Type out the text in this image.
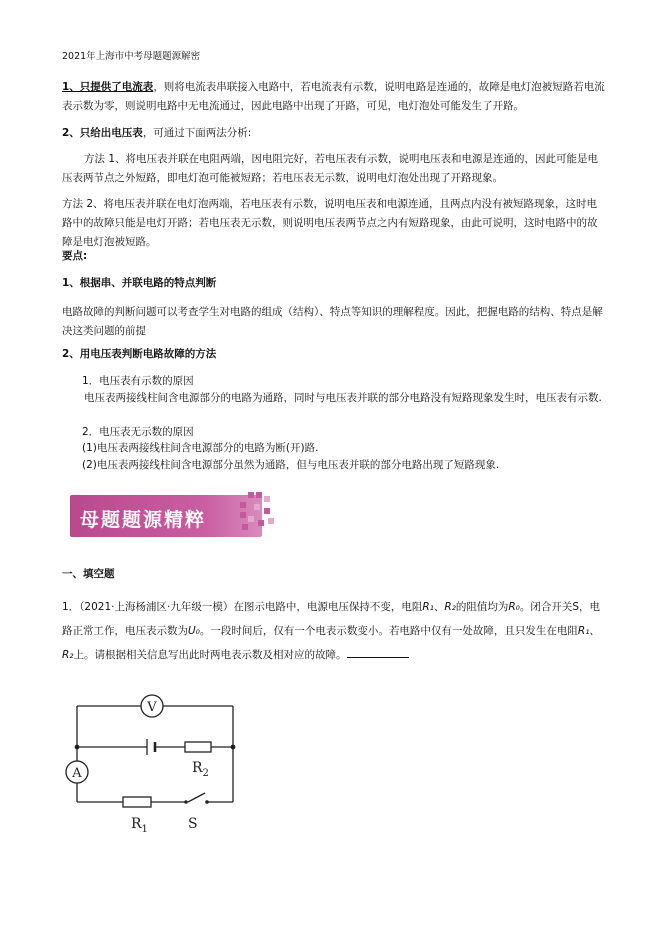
2021年上海市中考母题题源解密
1、只提供了电流表，则将电流表串联接入电路中，若电流表有示数，说明电路是连通的，故障是电灯泡被短路若电流表示数为零，则说明电路中无电流通过，因此电路中出现了开路，可见，电灯泡处可能发生了开路。
2、只给出电压表，可通过下面两法分析:
方法 1、将电压表并联在电阻两端，因电阻完好，若电压表有示数，说明电压表和电源是连通的，因此可能是电压表两节点之外短路，即电灯泡可能被短路；若电压表无示数，说明电灯泡处出现了开路现象。
方法 2、将电压表并联在电灯泡两端，若电压表有示数，说明电压表和电源连通，且两点内没有被短路现象，这时电路中的故障只能是电灯开路；若电压表无示数，则说明电压表两节点之内有短路现象，由此可说明，这时电路中的故障是电灯泡被短路。
要点:
1、根据串、并联电路的特点判断
电路故障的判断问题可以考查学生对电路的组成（结构）、特点等知识的理解程度。因此，把握电路的结构、特点是解决这类问题的前提
2、用电压表判断电路故障的方法
1．电压表有示数的原因
电压表两接线柱间含电源部分的电路为通路，同时与电压表并联的部分电路没有短路现象发生时，电压表有示数.
2．电压表无示数的原因
(1)电压表两接线柱间含电源部分的电路为断(开)路.
(2)电压表两接线柱间含电源部分虽然为通路，但与电压表并联的部分电路出现了短路现象.
母题题源精粹
一、填空题
1．（2021·上海杨浦区·九年级一模）在图示电路中，电源电压保持不变，电阻R₁、R₂的阻值均为R₀。闭合开关S，电路正常工作，电压表示数为U₀。一段时间后，仅有一个电表示数变小。若电路中仅有一处故障，且只发生在电阻R₁、R₂上。请根据相关信息写出此时两电表示数及相对应的故障。
V
A	$R_2$
$R_1$	S
